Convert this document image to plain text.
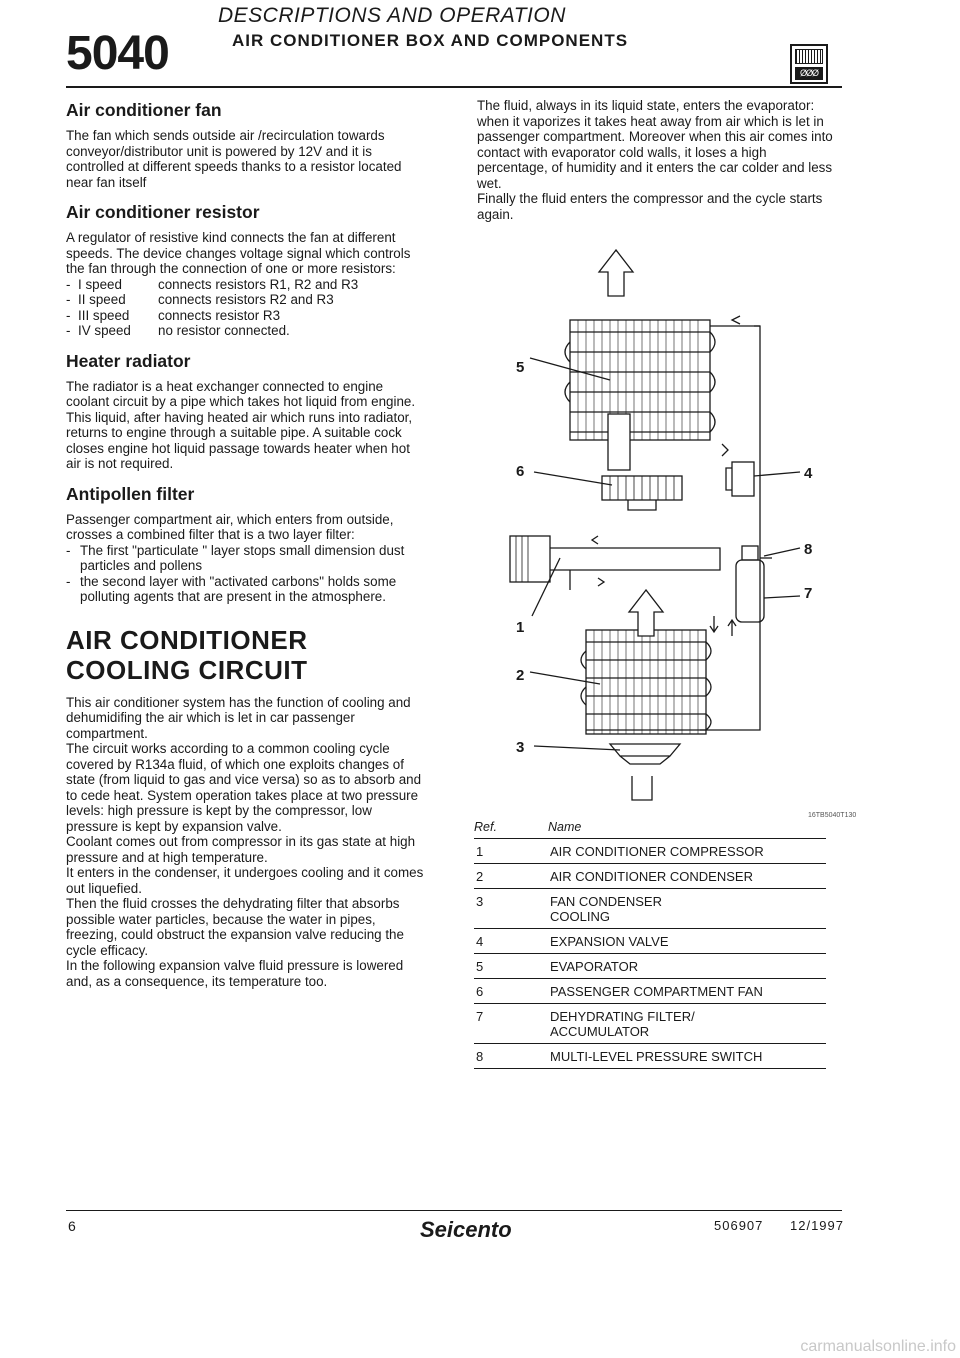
DESCRIPTIONS AND OPERATION
5040	AIR CONDITIONER BOX AND COMPONENTS
ØØØ
Air conditioner fan

The fan which sends outside air /recirculation towards conveyor/distributor unit is powered by 12V and it is controlled at different speeds thanks to a resistor located near fan itself

Air conditioner resistor

A regulator of resistive kind connects the fan at different speeds. The device changes voltage signal which controls the fan through the connection of one or more resistors:

- I speed	connects resistors R1, R2 and R3
- II speed	connects resistors R2 and R3
- III speed	connects resistor R3
- IV speed	no resistor connected.
Heater radiator

The radiator is a heat exchanger connected to engine coolant circuit by a pipe which takes hot liquid from engine. This liquid, after having heated air which runs into radiator, returns to engine through a suitable pipe. A suitable cock closes engine hot liquid passage towards heater when hot air is not required.

Antipollen filter

Passenger compartment air, which enters from outside, crosses a combined filter that is a two layer filter:

- The first "particulate " layer stops small dimension dust particles and pollens
- the second layer with "activated carbons" holds some polluting agents that are present in the atmosphere.
AIR CONDITIONER COOLING CIRCUIT

This air conditioner system has the function of cooling and dehumidifing the air which is let in car passenger compartment.

The circuit works according to a common cooling cycle covered by R134a fluid, of which one exploits changes of state (from liquid to gas and vice versa) so as to absorb and to cede heat. System operation takes place at two pressure levels: high pressure is kept by the compressor, low pressure is kept by expansion valve.

Coolant comes out from compressor in its gas state at high pressure and at high temperature.

It enters in the condenser, it undergoes cooling and it comes out liquefied.

Then the fluid crosses the dehydrating filter that absorbs possible water particles, because the water in pipes, freezing, could obstruct the expansion valve reducing the cycle efficacy.

In the following expansion valve fluid pressure is lowered and, as a consequence, its temperature too.

The fluid, always in its liquid state, enters the evaporator: when it vaporizes it takes heat away from air which is let in passenger compartment. Moreover when this air comes into contact with evaporator cold walls, it loses a high percentage, of humidity and it enters the car colder and less wet.

Finally the fluid enters the compressor and the cycle starts again.

1
2
3
4
5
6
7
8
16TB5040T130
Ref.	Name
1	AIR CONDITIONER COMPRESSOR
2	AIR CONDITIONER CONDENSER
3	FAN CONDENSER COOLING
4	EXPANSION VALVE
5	EVAPORATOR
6	PASSENGER COMPARTMENT FAN
7	DEHYDRATING FILTER/ ACCUMULATOR
8	MULTI-LEVEL PRESSURE SWITCH
6	Seicento	506907 12/1997
carmanualsonline.info
